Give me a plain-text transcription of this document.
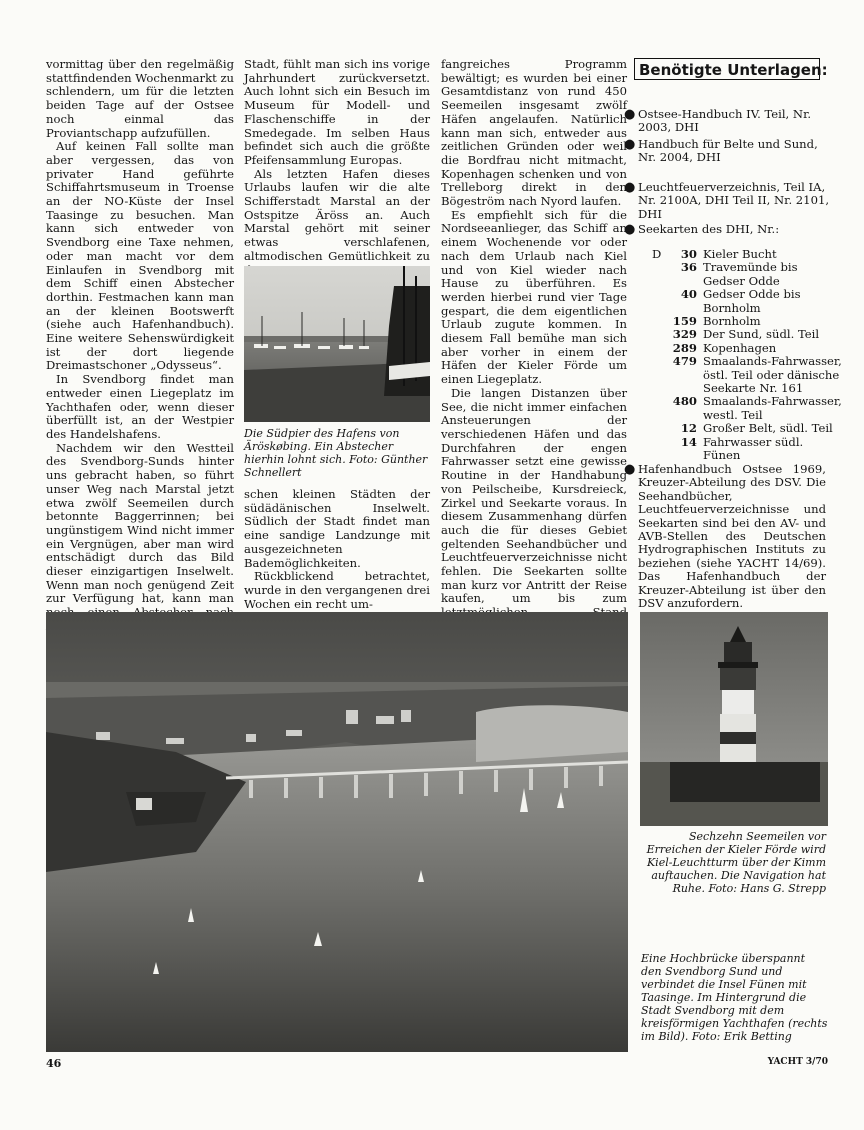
vormittag über den regelmäßig stattfindenden Wochenmarkt zu schlendern, um für die letzten beiden Tage auf der Ostsee noch einmal das Proviantschapp aufzufüllen.

Auf keinen Fall sollte man aber vergessen, das von privater Hand geführte Schiffahrtsmuseum in Troense an der NO-Küste der Insel Taasinge zu besuchen. Man kann sich entweder von Svendborg eine Taxe nehmen, oder man macht vor dem Einlaufen in Svendborg mit dem Schiff einen Abstecher dorthin. Festmachen kann man an der kleinen Bootswerft (siehe auch Hafenhandbuch). Eine weitere Sehenswürdigkeit ist der dort liegende Dreimastschoner „Odysseus“.

In Svendborg findet man entweder einen Liegeplatz im Yachthafen oder, wenn dieser überfüllt ist, an der Westpier des Handelshafens.

Nachdem wir den Westteil des Svendborg-Sunds hinter uns gebracht haben, so führt unser Weg nach Marstal jetzt etwa zwölf Seemeilen durch betonnte Baggerrinnen; bei ungünstigem Wind nicht immer ein Vergnügen, aber man wird entschädigt durch das Bild dieser einzigartigen Inselwelt. Wenn man noch genügend Zeit zur Verfügung hat, kann man

Stadt, fühlt man sich ins vorige Jahrhundert zurückversetzt. Auch lohnt sich ein Besuch im Museum für Modell- und Flaschenschiffe in der Smedegade. Im selben Haus befindet sich auch die größte Pfeifensammlung Europas.

Als letzten Hafen dieses Urlaubs laufen wir die alte Schifferstadt Marstal an der Ostspitze Äröss an. Auch Marstal gehört mit seiner etwas verschlafenen, altmodischen Gemütlichkeit zu

Die Südpier des Hafens von Äröskøbing. Ein Abstecher hierhin lohnt sich. Foto: Günther Schnellert

schen kleinen Städten der südädänischen Inselwelt. Südlich der Stadt findet man eine sandige Landzunge mit ausgezeichneten Bademöglichkeiten.

Rückblickend betrachtet, wurde in den vergangenen drei Wochen ein recht um-

fangreiches Programm bewältigt; es wurden bei einer Gesamtdistanz von rund 450 Seemeilen insgesamt zwölf Häfen angelaufen. Natürlich kann man sich, entweder aus zeitlichen Gründen oder weil die Bordfrau nicht mitmacht, Kopenhagen schenken und von Trelleborg direkt in den Bögeström nach Nyord laufen.

Es empfiehlt sich für die Nordseeanlieger, das Schiff an einem Wochenende vor oder nach dem Urlaub nach Kiel und von Kiel wieder nach Hause zu überführen. Es werden hierbei rund vier Tage gespart, die dem eigentlichen Urlaub zugute kommen. In diesem Fall bemühe man sich aber vorher in einem der Häfen der Kieler Förde um einen Liegeplatz.

Die langen Distanzen über See, die nicht immer einfachen Ansteuerungen der verschiedenen Häfen und das Durchfahren der engen Fahrwasser setzt eine gewisse Routine in der Handhabung von Peilscheibe, Kursdreieck, Zirkel und Seekarte voraus. In diesem Zusammenhang dürfen auch die für dieses Gebiet geltenden Seehandbücher und Leuchtfeuerverzeichnisse nicht fehlen. Die Seekarten sollte man kurz vor Antritt der Reise kaufen, um bis zum

Benötigte Unterlagen:
● Ostsee-Handbuch IV. Teil, Nr. 2003, DHI
● Handbuch für Belte und Sund, Nr. 2004, DHI
● Leuchtfeuerverzeichnis, Teil IA, Nr. 2100A, DHI Teil II, Nr. 2101, DHI
● Seekarten des DHI, Nr.:
D	30 Kieler Bucht
36 Travemünde bis Gedser Odde
40 Gedser Odde bis Bornholm
159 Bornholm
329 Der Sund, südl. Teil
289 Kopenhagen
479 Smaalands-Fahrwasser, östl. Teil oder dänische Seekarte Nr. 161
480 Smaalands-Fahrwasser, westl. Teil
12 Großer Belt, südl. Teil
14 Fahrwasser südl. Fünen
● Hafenhandbuch Ostsee 1969, Kreuzer-Abteilung des DSV. Die Seehandbücher, Leuchtfeuerverzeichnisse und Seekarten sind bei den AV- und AVB-Stellen des Deutschen Hydrographischen Instituts zu beziehen (siehe YACHT 14/69). Das Hafenhandbuch der Kreuzer-Abteilung ist über den DSV anzufordern.
Sechzehn Seemeilen vor Erreichen der Kieler Förde wird Kiel-Leuchtturm über der Kimm auftauchen. Die Navigation hat Ruhe. Foto: Hans G. Strepp
Eine Hochbrücke überspannt den Svendborg Sund und verbindet die Insel Fünen mit Taasinge. Im Hintergrund die Stadt Svendborg mit dem kreisförmigen Yachthafen (rechts im Bild). Foto: Erik Betting
46	YACHT 3/70
